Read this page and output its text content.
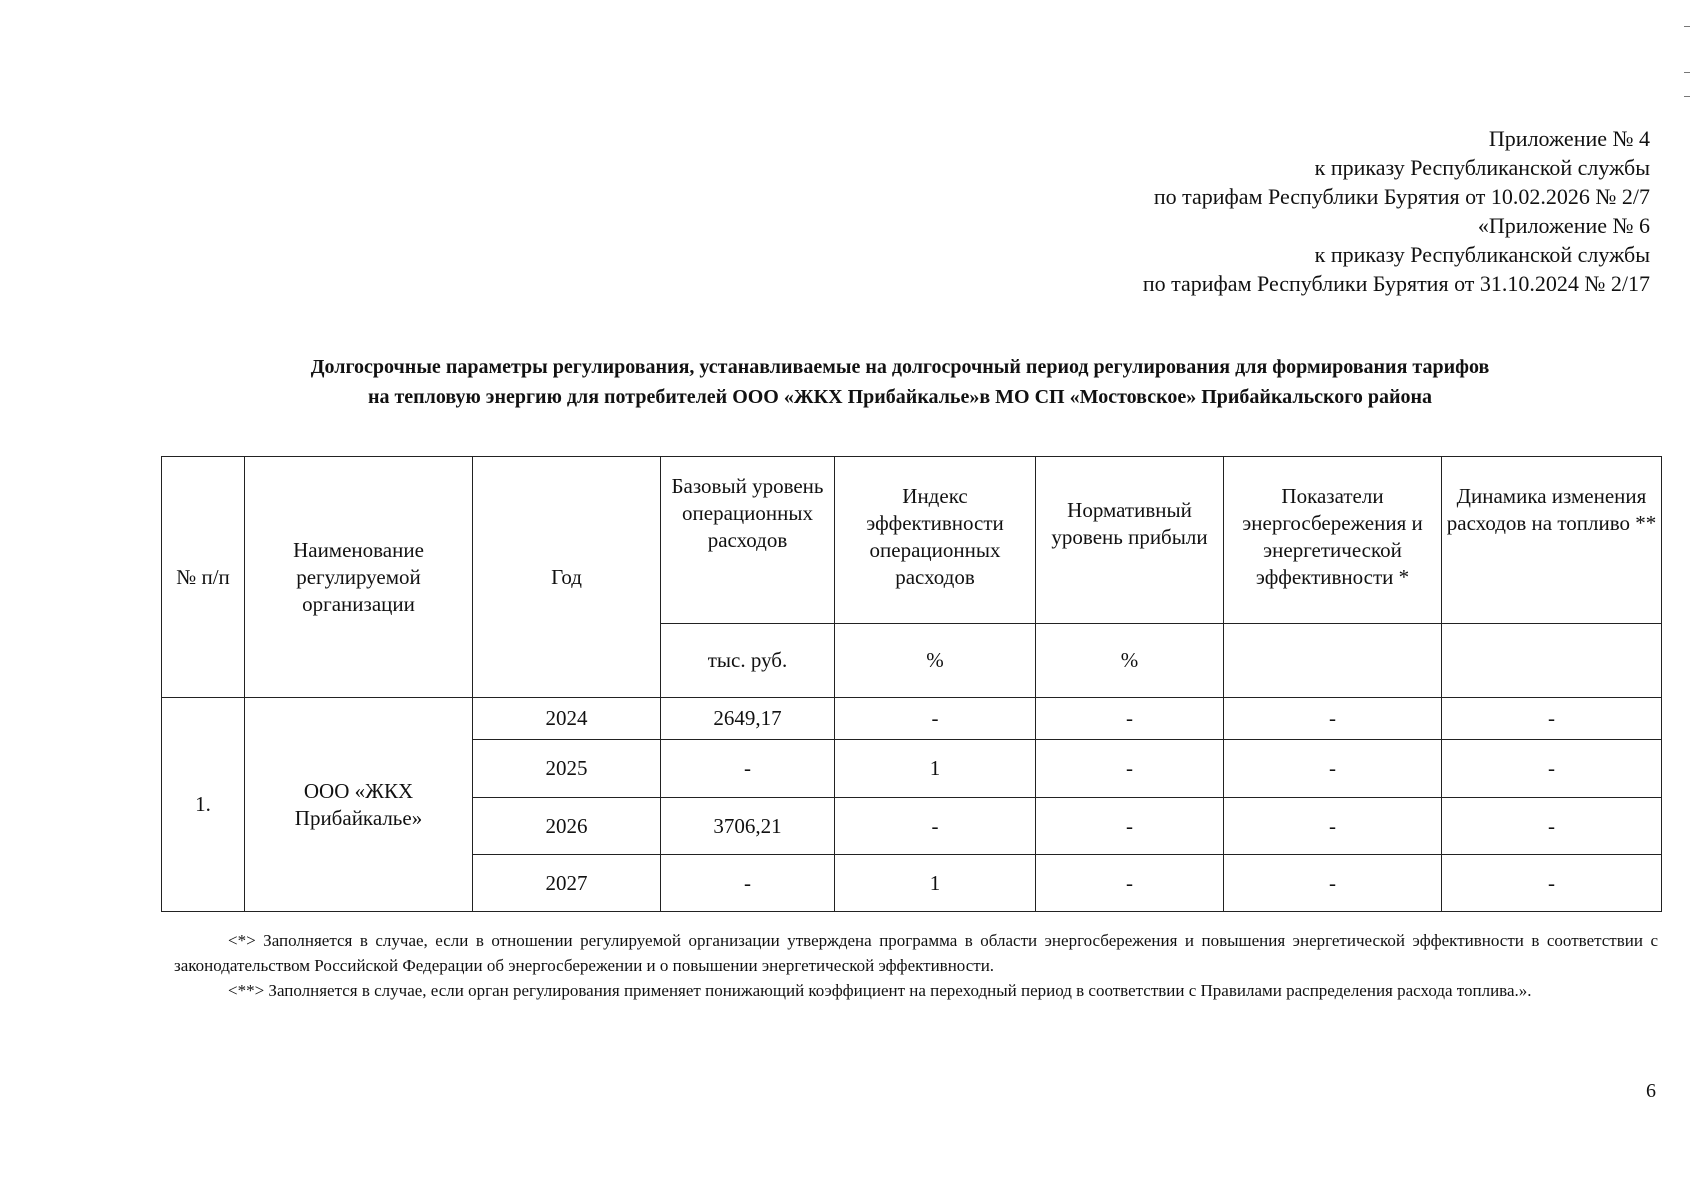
Приложение № 4
к приказу Республиканской службы
по тарифам Республики Бурятия от 10.02.2026 № 2/7
«Приложение № 6
к приказу Республиканской службы
по тарифам Республики Бурятия от 31.10.2024 № 2/17
Долгосрочные параметры регулирования, устанавливаемые на долгосрочный период регулирования для формирования тарифов
на тепловую энергию для потребителей ООО «ЖКХ Прибайкалье»в МО СП «Мостовское» Прибайкальского района
№ п/п	Наименование регулируемой организации	Год	Базовый уровень операционных расходов	Индекс эффективности операционных расходов	Нормативный уровень прибыли	Показатели энергосбережения и энергетической эффективности *	Динамика изменения расходов на топливо **
			тыс. руб.	%	%		
1.	ООО «ЖКХ Прибайкалье»	2024	2649,17	-	-	-	-
		2025	-	1	-	-	-
		2026	3706,21	-	-	-	-
		2027	-	1	-	-	-

<*> Заполняется в случае, если в отношении регулируемой организации утверждена программа в области энергосбережения и повышения энергетической эффективности в соответствии с законодательством Российской Федерации об энергосбережении и о повышении энергетической эффективности.

<**> Заполняется в случае, если орган регулирования применяет понижающий коэффициент на переходный период в соответствии с Правилами распределения расхода топлива.».

6
